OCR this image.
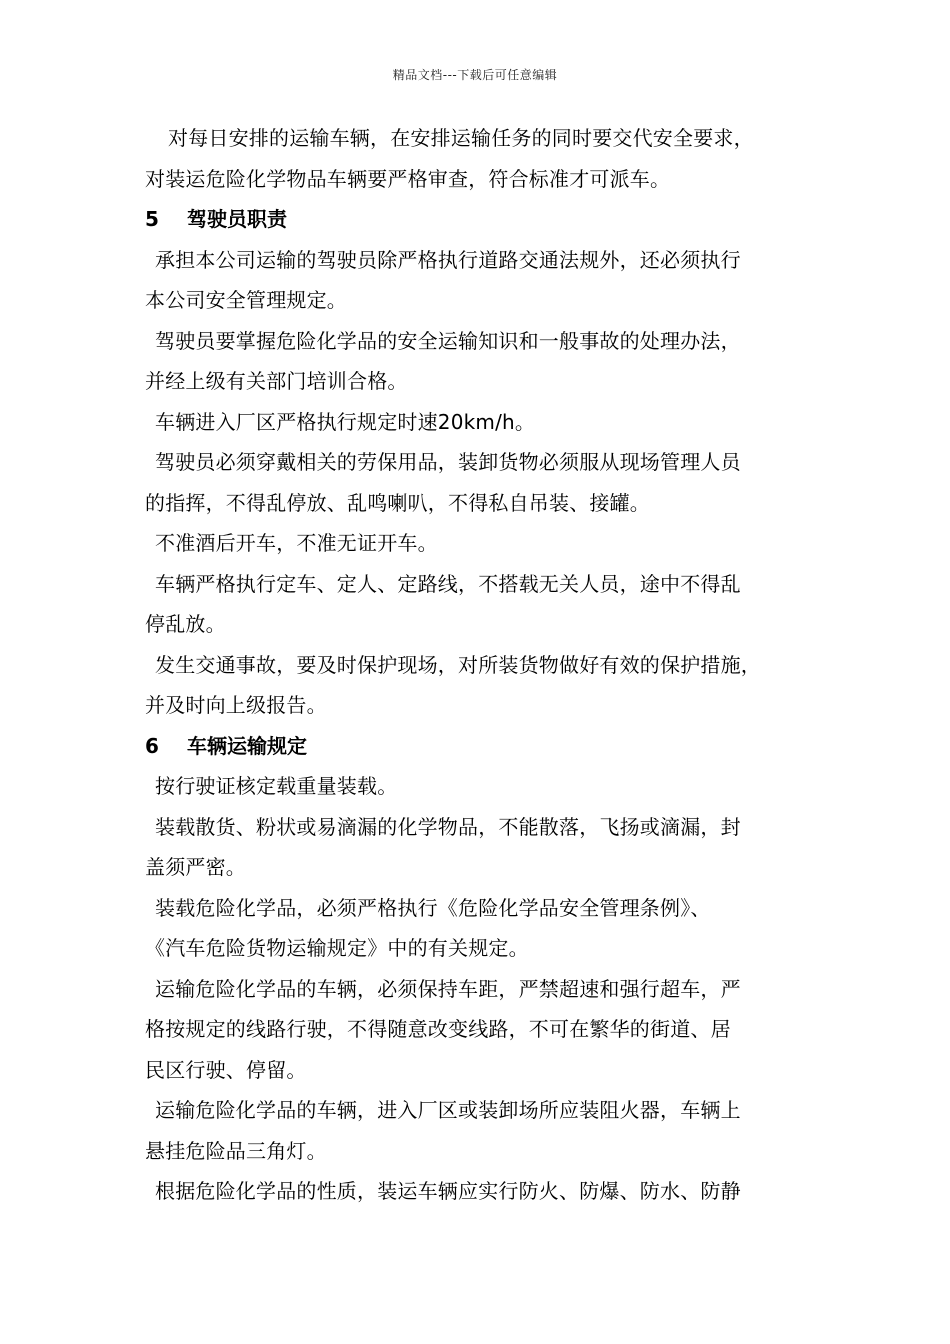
精品文档---下载后可任意编辑
对每日安排的运输车辆，在安排运输任务的同时要交代安全要求，
对装运危险化学物品车辆要严格审查，符合标准才可派车。
5 驾驶员职责
承担本公司运输的驾驶员除严格执行道路交通法规外，还必须执行
本公司安全管理规定。
驾驶员要掌握危险化学品的安全运输知识和一般事故的处理办法，
并经上级有关部门培训合格。
车辆进入厂区严格执行规定时速20km/h。
驾驶员必须穿戴相关的劳保用品，装卸货物必须服从现场管理人员
的指挥，不得乱停放、乱鸣喇叭，不得私自吊装、接罐。
不准酒后开车，不准无证开车。
车辆严格执行定车、定人、定路线，不搭载无关人员，途中不得乱
停乱放。
发生交通事故，要及时保护现场，对所装货物做好有效的保护措施，
并及时向上级报告。
6 车辆运输规定
按行驶证核定载重量装载。
装载散货、粉状或易滴漏的化学物品，不能散落，飞扬或滴漏，封
盖须严密。
装载危险化学品，必须严格执行《危险化学品安全管理条例》、
《汽车危险货物运输规定》中的有关规定。
运输危险化学品的车辆，必须保持车距，严禁超速和强行超车，严
格按规定的线路行驶，不得随意改变线路，不可在繁华的街道、居
民区行驶、停留。
运输危险化学品的车辆，进入厂区或装卸场所应装阻火器，车辆上
悬挂危险品三角灯。
根据危险化学品的性质，装运车辆应实行防火、防爆、防水、防静
